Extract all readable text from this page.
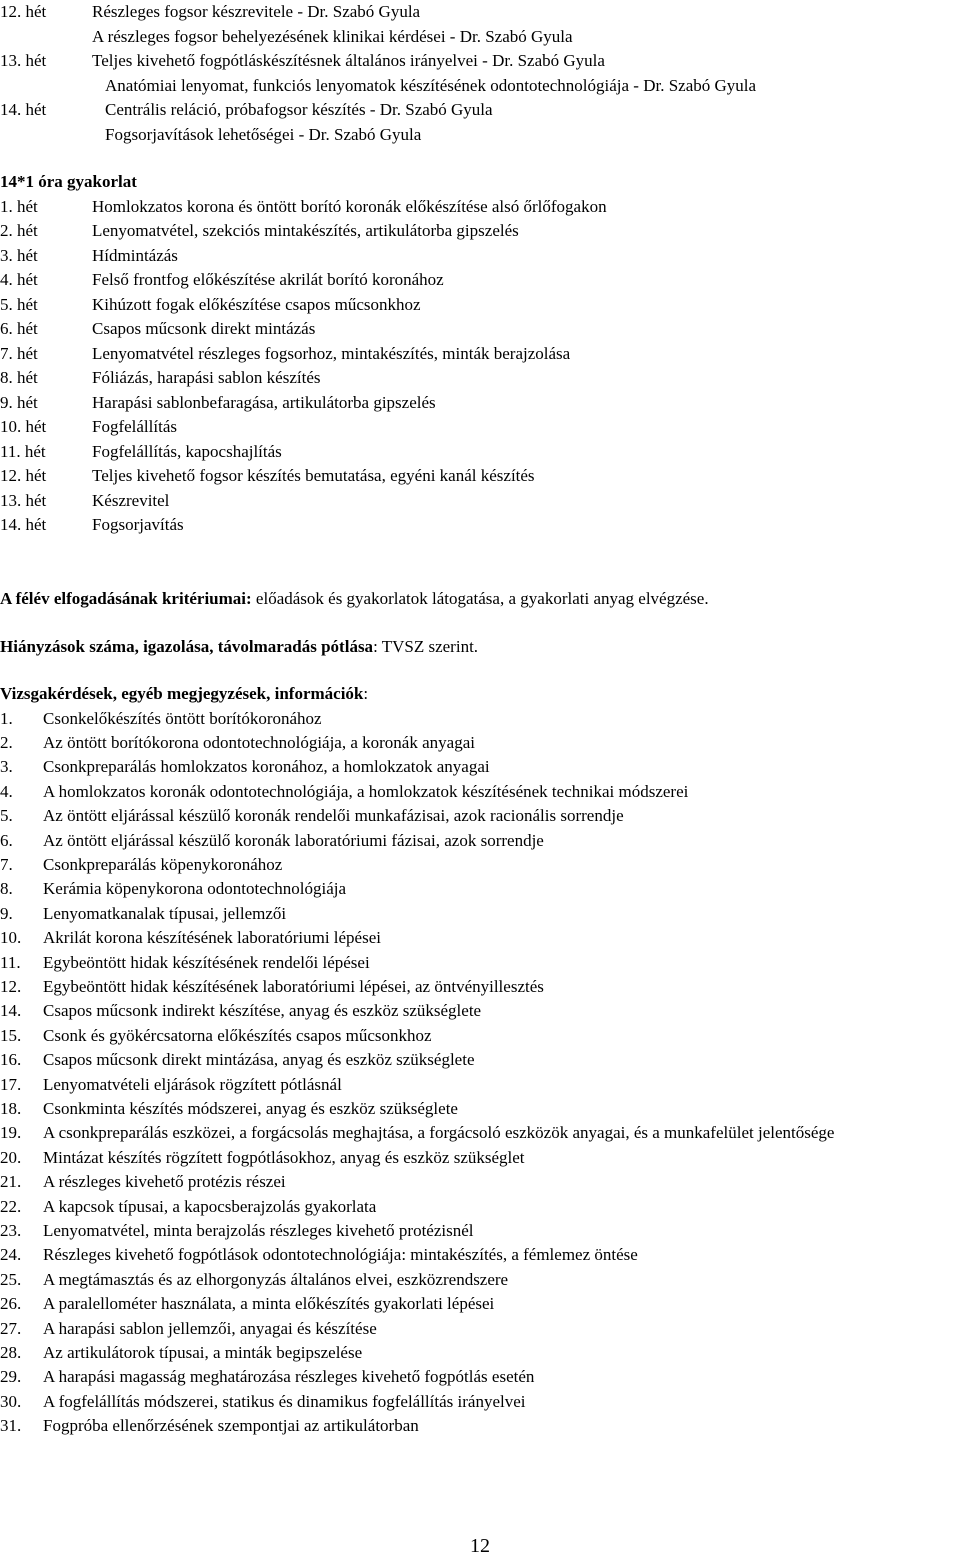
12. hét	Részleges fogsor készrevitele - Dr. Szabó Gyula
A részleges fogsor behelyezésének klinikai kérdései - Dr. Szabó Gyula
13. hét	Teljes kivehető fogpótláskészítésnek általános irányelvei - Dr. Szabó Gyula
Anatómiai lenyomat, funkciós lenyomatok készítésének odontotechnológiája - Dr. Szabó Gyula
14. hét	Centrális reláció, próbafogsor készítés - Dr. Szabó Gyula
Fogsorjavítások lehetőségei - Dr. Szabó Gyula
14*1 óra gyakorlat
1. hét	Homlokzatos korona és öntött borító koronák előkészítése alsó őrlőfogakon
2. hét	Lenyomatvétel, szekciós mintakészítés, artikulátorba gipszelés
3. hét	Hídmintázás
4. hét	Felső frontfog előkészítése akrilát borító koronához
5. hét	Kihúzott fogak előkészítése csapos műcsonkhoz
6. hét	Csapos műcsonk direkt mintázás
7. hét	Lenyomatvétel részleges fogsorhoz, mintakészítés, minták berajzolása
8. hét	Fóliázás, harapási sablon készítés
9. hét	Harapási sablonbefaragása, artikulátorba gipszelés
10. hét	Fogfelállítás
11. hét	Fogfelállítás, kapocshajlítás
12. hét	Teljes kivehető fogsor készítés bemutatása, egyéni kanál készítés
13. hét	Készrevitel
14. hét	Fogsorjavítás
A félév elfogadásának kritériumai: előadások és gyakorlatok látogatása, a gyakorlati anyag elvégzése.
Hiányzások száma, igazolása, távolmaradás pótlása: TVSZ szerint.
Vizsgakérdések, egyéb megjegyzések, információk:
1.	Csonkelőkészítés öntött borítókoronához
2.	Az öntött borítókorona odontotechnológiája, a koronák anyagai
3.	Csonkpreparálás homlokzatos koronához, a homlokzatok anyagai
4.	A homlokzatos koronák odontotechnológiája, a homlokzatok készítésének technikai módszerei
5.	Az öntött eljárással készülő koronák rendelői munkafázisai, azok racionális sorrendje
6.	Az öntött eljárással készülő koronák laboratóriumi fázisai, azok sorrendje
7.	Csonkpreparálás köpenykoronához
8.	Kerámia köpenykorona odontotechnológiája
9.	Lenyomatkanalak típusai, jellemzői
10.	Akrilát korona készítésének laboratóriumi lépései
11.	Egybeöntött hidak készítésének rendelői lépései
12.	Egybeöntött hidak készítésének laboratóriumi lépései, az öntvényillesztés
14.	Csapos műcsonk indirekt készítése, anyag és eszköz szükséglete
15.	Csonk és gyökércsatorna előkészítés csapos műcsonkhoz
16.	Csapos műcsonk direkt mintázása, anyag és eszköz szükséglete
17.	Lenyomatvételi eljárások rögzített pótlásnál
18.	Csonkminta készítés módszerei, anyag és eszköz szükséglete
19.	A csonkpreparálás eszközei, a forgácsolás meghajtása, a forgácsoló eszközök anyagai, és a munkafelület jelentősége
20.	Mintázat készítés rögzített fogpótlásokhoz, anyag és eszköz szükséglet
21.	A részleges kivehető protézis részei
22.	A kapcsok típusai, a kapocsberajzolás gyakorlata
23.	Lenyomatvétel, minta berajzolás részleges kivehető protézisnél
24.	Részleges kivehető fogpótlások odontotechnológiája: mintakészítés, a fémlemez öntése
25.	A megtámasztás és az elhorgonyzás általános elvei, eszközrendszere
26.	A paralellométer használata, a minta előkészítés gyakorlati lépései
27.	A harapási sablon jellemzői, anyagai és készítése
28.	Az artikulátorok típusai, a minták begipszelése
29.	A harapási magasság meghatározása részleges kivehető fogpótlás esetén
30.	A fogfelállítás módszerei, statikus és dinamikus fogfelállítás irányelvei
31.	Fogpróba ellenőrzésének szempontjai az artikulátorban
12
